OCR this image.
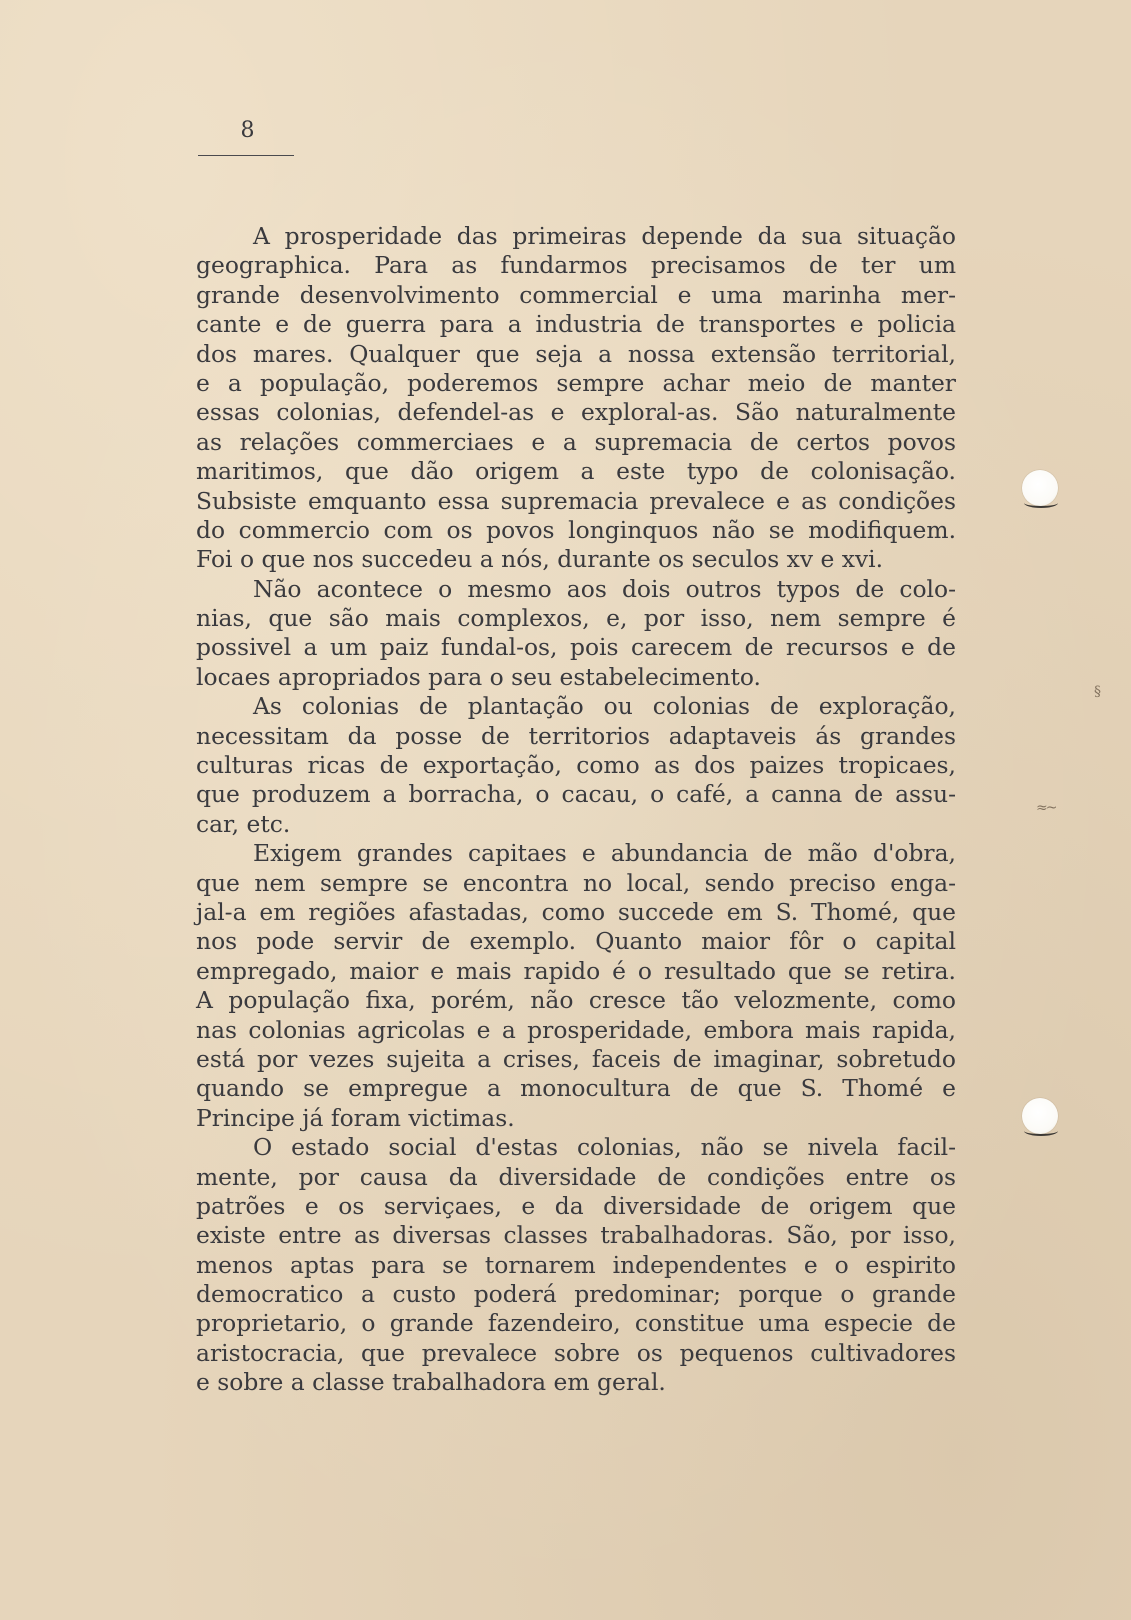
8
A prosperidade das primeiras depende da sua situação
geographica. Para as fundarmos precisamos de ter um
grande desenvolvimento commercial e uma marinha mer-
cante e de guerra para a industria de transportes e policia
dos mares. Qualquer que seja a nossa extensão territorial,
e a população, poderemos sempre achar meio de manter
essas colonias, defendel-as e exploral-as. São naturalmente
as relações commerciaes e a supremacia de certos povos
maritimos, que dão origem a este typo de colonisação.
Subsiste emquanto essa supremacia prevalece e as condições
do commercio com os povos longinquos não se modifiquem.
Foi o que nos succedeu a nós, durante os seculos xv e xvi.
Não acontece o mesmo aos dois outros typos de colo-
nias, que são mais complexos, e, por isso, nem sempre é
possivel a um paiz fundal-os, pois carecem de recursos e de
locaes apropriados para o seu estabelecimento.
As colonias de plantação ou colonias de exploração,
necessitam da posse de territorios adaptaveis ás grandes
culturas ricas de exportação, como as dos paizes tropicaes,
que produzem a borracha, o cacau, o café, a canna de assu-
car, etc.
Exigem grandes capitaes e abundancia de mão d'obra,
que nem sempre se encontra no local, sendo preciso enga-
jal-a em regiões afastadas, como succede em S. Thomé, que
nos pode servir de exemplo. Quanto maior fôr o capital
empregado, maior e mais rapido é o resultado que se retira.
A população fixa, porém, não cresce tão velozmente, como
nas colonias agricolas e a prosperidade, embora mais rapida,
está por vezes sujeita a crises, faceis de imaginar, sobretudo
quando se empregue a monocultura de que S. Thomé e
Principe já foram victimas.
O estado social d'estas colonias, não se nivela facil-
mente, por causa da diversidade de condições entre os
patrões e os serviçaes, e da diversidade de origem que
existe entre as diversas classes trabalhadoras. São, por isso,
menos aptas para se tornarem independentes e o espirito
democratico a custo poderá predominar; porque o grande
proprietario, o grande fazendeiro, constitue uma especie de
aristocracia, que prevalece sobre os pequenos cultivadores
e sobre a classe trabalhadora em geral.
§
≈~
